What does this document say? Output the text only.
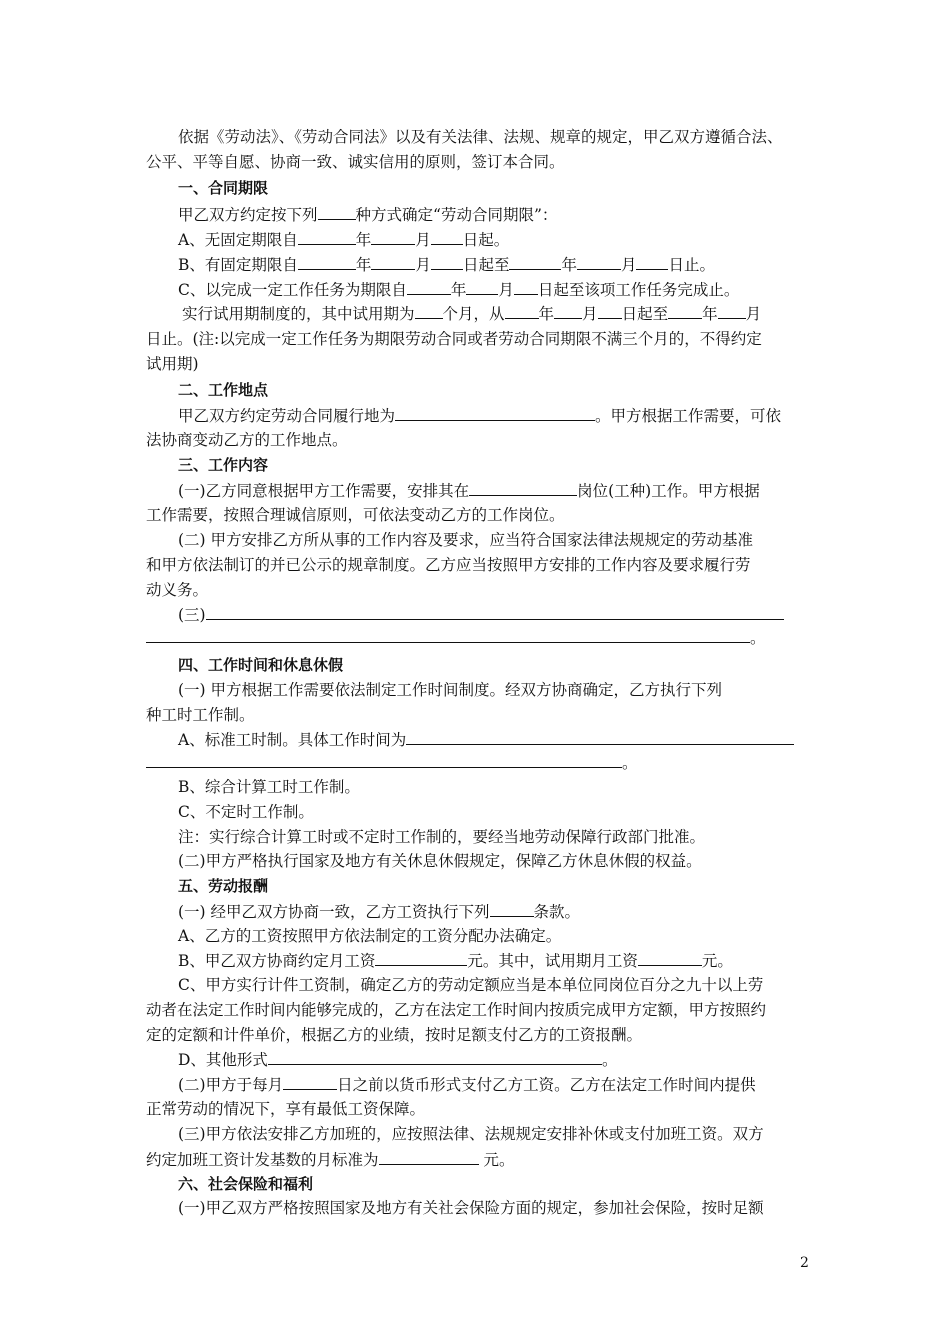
依据《劳动法》、《劳动合同法》以及有关法律、法规、规章的规定，甲乙双方遵循合法、
公平、平等自愿、协商一致、诚实信用的原则，签订本合同。
一、合同期限
甲乙双方约定按下列 种方式确定“劳动合同期限”：
A、无固定期限自	年	月 日起。
B、有固定期限自	年	月 日起至	年	月 日止。
C、以完成一定工作任务为期限自	年 月 日起至该项工作任务完成止。
实行试用期制度的，其中试用期为 个月，从 年 月 日起至 年 月
日止。(注:以完成一定工作任务为期限劳动合同或者劳动合同期限不满三个月的，不得约定
试用期)
二、工作地点
甲乙双方约定劳动合同履行地为	。甲方根据工作需要，可依
法协商变动乙方的工作地点。
三、工作内容
(一)乙方同意根据甲方工作需要，安排其在	岗位(工种)工作。甲方根据
工作需要，按照合理诚信原则，可依法变动乙方的工作岗位。
(二) 甲方安排乙方所从事的工作内容及要求，应当符合国家法律法规规定的劳动基准
和甲方依法制订的并已公示的规章制度。乙方应当按照甲方安排的工作内容及要求履行劳
动义务。
(三)
。
四、工作时间和休息休假
(一) 甲方根据工作需要依法制定工作时间制度。经双方协商确定，乙方执行下列
种工时工作制。
A、标准工时制。具体工作时间为
。
B、综合计算工时工作制。
C、不定时工作制。
注：实行综合计算工时或不定时工作制的，要经当地劳动保障行政部门批准。
(二)甲方严格执行国家及地方有关休息休假规定，保障乙方休息休假的权益。
五、劳动报酬
(一) 经甲乙双方协商一致，乙方工资执行下列	条款。
A、乙方的工资按照甲方依法制定的工资分配办法确定。
B、甲乙双方协商约定月工资	元。其中，试用期月工资	元。
C、甲方实行计件工资制，确定乙方的劳动定额应当是本单位同岗位百分之九十以上劳
动者在法定工作时间内能够完成的，乙方在法定工作时间内按质完成甲方定额，甲方按照约
定的定额和计件单价，根据乙方的业绩，按时足额支付乙方的工资报酬。
D、其他形式	。
(二)甲方于每月	日之前以货币形式支付乙方工资。乙方在法定工作时间内提供
正常劳动的情况下，享有最低工资保障。
(三)甲方依法安排乙方加班的，应按照法律、法规规定安排补休或支付加班工资。双方
约定加班工资计发基数的月标准为	元。
六、社会保险和福利
(一)甲乙双方严格按照国家及地方有关社会保险方面的规定，参加社会保险，按时足额
2
